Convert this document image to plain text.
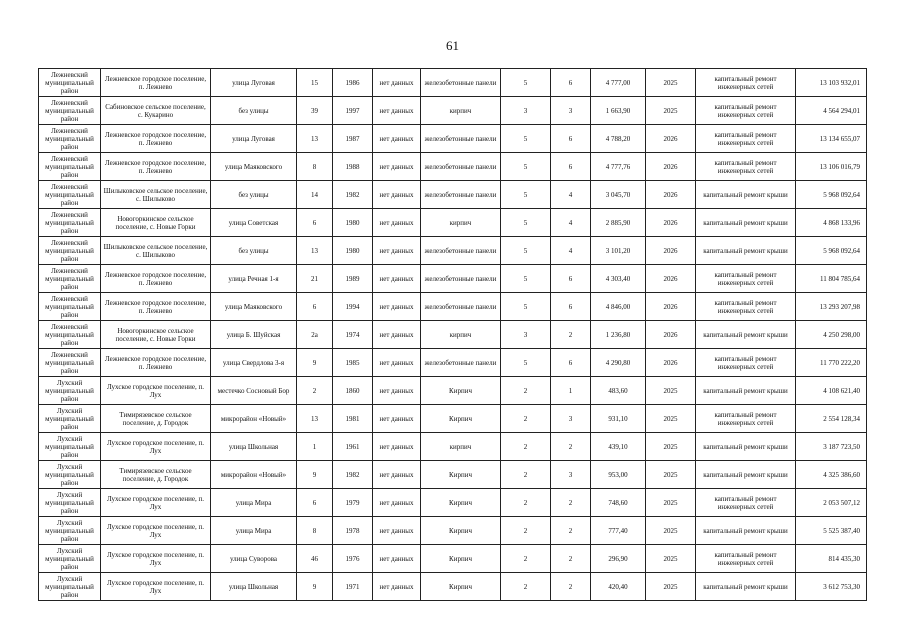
61
Лежневский муниципальный район	Лежневское городское поселение, п. Лежнево	улица Луговая	15	1986	нет данных	железобетонные панели	5	6	4 777,00	2025	капитальный ремонт инженерных сетей	13 103 932,01
Лежневский муниципальный район	Сабиновское сельское поселение, с. Кукарино	без улицы	39	1997	нет данных	кирпич	3	3	1 663,90	2025	капитальный ремонт инженерных сетей	4 564 294,01
Лежневский муниципальный район	Лежневское городское поселение, п. Лежнево	улица Луговая	13	1987	нет данных	железобетонные панели	5	6	4 788,20	2026	капитальный ремонт инженерных сетей	13 134 655,07
Лежневский муниципальный район	Лежневское городское поселение, п. Лежнево	улица Маяковского	8	1988	нет данных	железобетонные панели	5	6	4 777,76	2026	капитальный ремонт инженерных сетей	13 106 016,79
Лежневский муниципальный район	Шилыковское сельское поселение, с. Шилыково	без улицы	14	1982	нет данных	железобетонные панели	5	4	3 045,70	2026	капитальный ремонт крыши	5 968 092,64
Лежневский муниципальный район	Новогоркинское сельское поселение, с. Новые Горки	улица Советская	6	1980	нет данных	кирпич	5	4	2 885,90	2026	капитальный ремонт крыши	4 868 133,96
Лежневский муниципальный район	Шилыковское сельское поселение, с. Шилыково	без улицы	13	1980	нет данных	железобетонные панели	5	4	3 101,20	2026	капитальный ремонт крыши	5 968 092,64
Лежневский муниципальный район	Лежневское городское поселение, п. Лежнево	улица Речная 1-я	21	1989	нет данных	железобетонные панели	5	6	4 303,40	2026	капитальный ремонт инженерных сетей	11 804 785,64
Лежневский муниципальный район	Лежневское городское поселение, п. Лежнево	улица Маяковского	6	1994	нет данных	железобетонные панели	5	6	4 846,00	2026	капитальный ремонт инженерных сетей	13 293 207,98
Лежневский муниципальный район	Новогоркинское сельское поселение, с. Новые Горки	улица Б. Шуйская	2а	1974	нет данных	кирпич	3	2	1 236,80	2026	капитальный ремонт крыши	4 250 298,00
Лежневский муниципальный район	Лежневское городское поселение, п. Лежнево	улица Свердлова 3-я	9	1985	нет данных	железобетонные панели	5	6	4 290,80	2026	капитальный ремонт инженерных сетей	11 770 222,20
Лухский муниципальный район	Лухское городское поселение, п. Лух	местечко Сосновый Бор	2	1860	нет данных	Кирпич	2	1	483,60	2025	капитальный ремонт крыши	4 108 621,40
Лухский муниципальный район	Тимирязевское сельское поселение, д. Городок	микрорайон «Новый»	13	1981	нет данных	Кирпич	2	3	931,10	2025	капитальный ремонт инженерных сетей	2 554 128,34
Лухский муниципальный район	Лухское городское поселение, п. Лух	улица Школьная	1	1961	нет данных	кирпич	2	2	439,10	2025	капитальный ремонт крыши	3 187 723,50
Лухский муниципальный район	Тимирязевское сельское поселение, д. Городок	микрорайон «Новый»	9	1982	нет данных	Кирпич	2	3	953,00	2025	капитальный ремонт крыши	4 325 386,60
Лухский муниципальный район	Лухское городское поселение, п. Лух	улица Мира	6	1979	нет данных	Кирпич	2	2	748,60	2025	капитальный ремонт инженерных сетей	2 053 507,12
Лухский муниципальный район	Лухское городское поселение, п. Лух	улица Мира	8	1978	нет данных	Кирпич	2	2	777,40	2025	капитальный ремонт крыши	5 525 387,40
Лухский муниципальный район	Лухское городское поселение, п. Лух	улица Суворова	46	1976	нет данных	Кирпич	2	2	296,90	2025	капитальный ремонт инженерных сетей	814 435,30
Лухский муниципальный район	Лухское городское поселение, п. Лух	улица Школьная	9	1971	нет данных	Кирпич	2	2	420,40	2025	капитальный ремонт крыши	3 612 753,30
